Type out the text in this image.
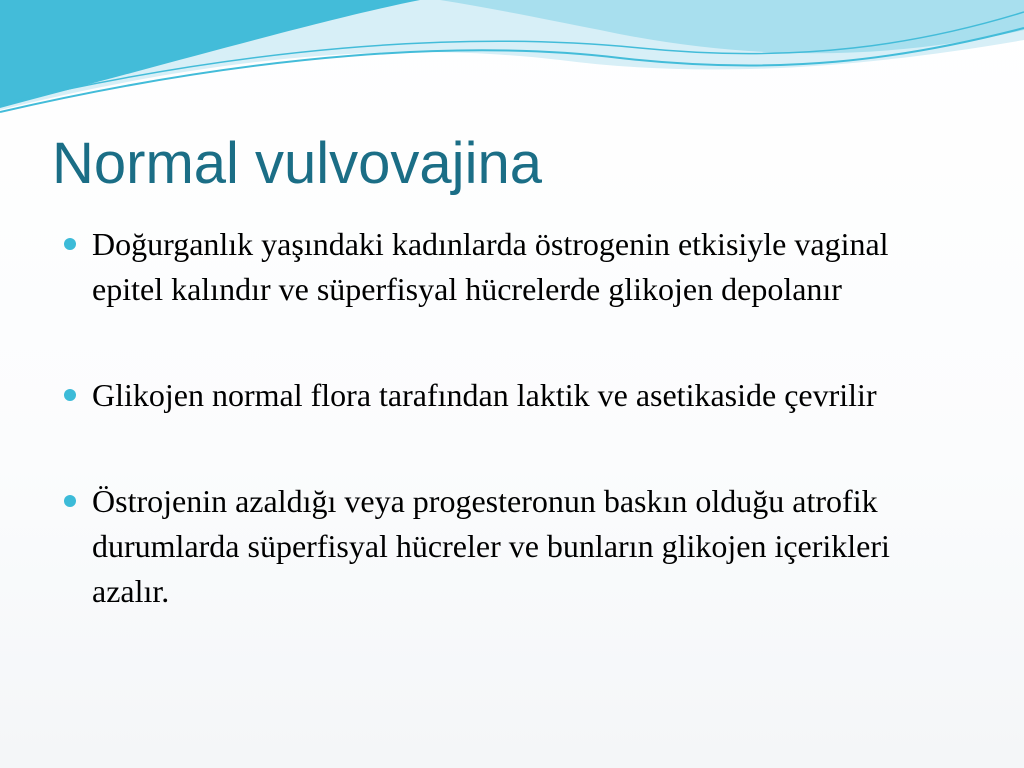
Normal vulvovajina
Doğurganlık yaşındaki kadınlarda östrogenin etkisiyle vaginal epitel kalındır ve süperfisyal hücrelerde glikojen depolanır
Glikojen normal flora tarafından laktik ve asetikaside çevrilir
Östrojenin azaldığı veya progesteronun baskın olduğu atrofik durumlarda süperfisyal hücreler ve bunların glikojen içerikleri azalır.
